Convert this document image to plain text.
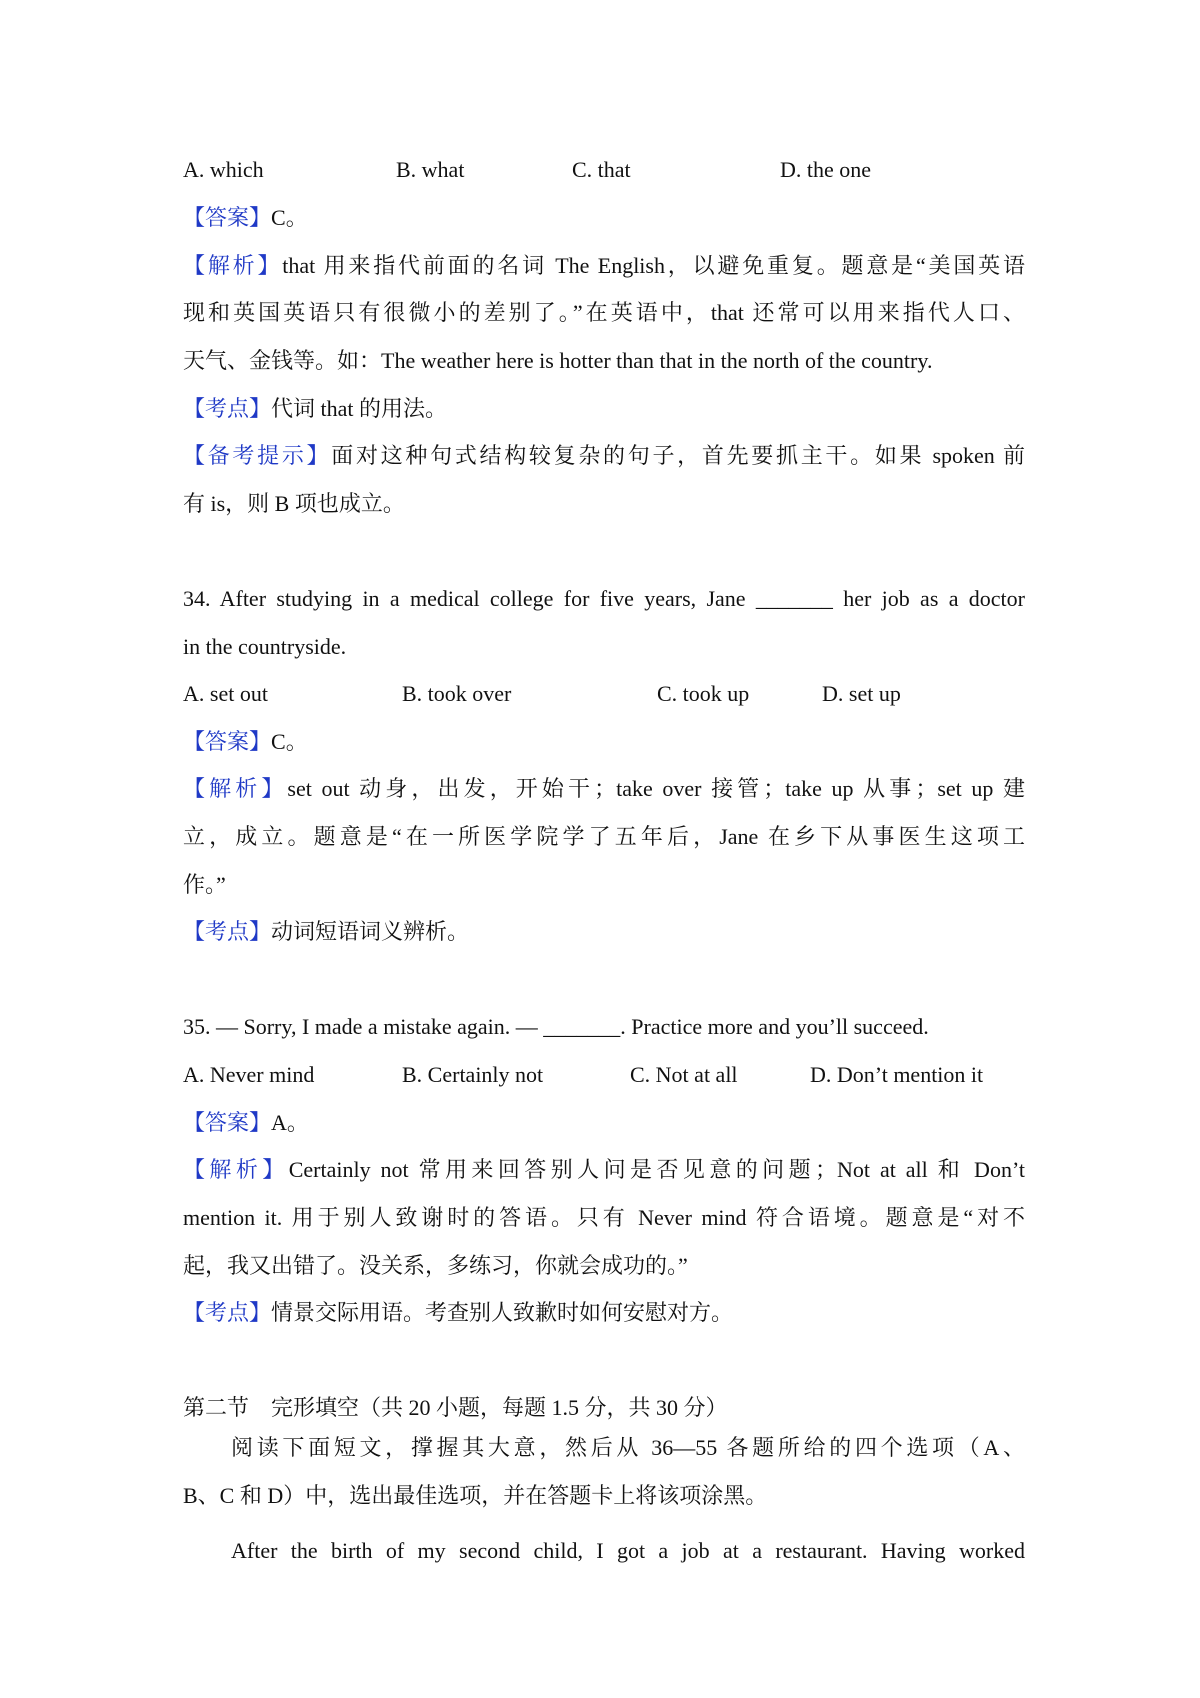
A. which	B. what	C. that	D. the one
【答案】C。
【解析】that 用来指代前面的名词 The English，以避免重复。题意是“美国英语
现和英国英语只有很微小的差别了。”在英语中，that 还常可以用来指代人口、
天气、金钱等。如：The weather here is hotter than that in the north of the country.
【考点】代词 that 的用法。
【备考提示】面对这种句式结构较复杂的句子，首先要抓主干。如果 spoken 前
有 is，则 B 项也成立。
34. After studying in a medical college for five years, Jane _______ her job as a doctor
in the countryside.
A. set out	B. took over	C. took up	D. set up
【答案】C。
【解析】set out 动身，出发，开始干；take over 接管；take up 从事；set up 建
立，成立。题意是“在一所医学院学了五年后，Jane 在乡下从事医生这项工
作。”
【考点】动词短语词义辨析。
35. — Sorry, I made a mistake again. — _______. Practice more and you’ll succeed.
A. Never mind	B. Certainly not	C. Not at all	D. Don’t mention it
【答案】A。
【解析】Certainly not 常用来回答别人问是否见意的问题；Not at all 和 Don’t
mention it. 用于别人致谢时的答语。只有 Never mind 符合语境。题意是“对不
起，我又出错了。没关系，多练习，你就会成功的。”
【考点】情景交际用语。考查别人致歉时如何安慰对方。
第二节　完形填空（共 20 小题，每题 1.5 分，共 30 分）
阅读下面短文，撑握其大意，然后从 36—55 各题所给的四个选项（A、
B、C 和 D）中，选出最佳选项，并在答题卡上将该项涂黑。
After the birth of my second child, I got a job at a restaurant. Having worked
